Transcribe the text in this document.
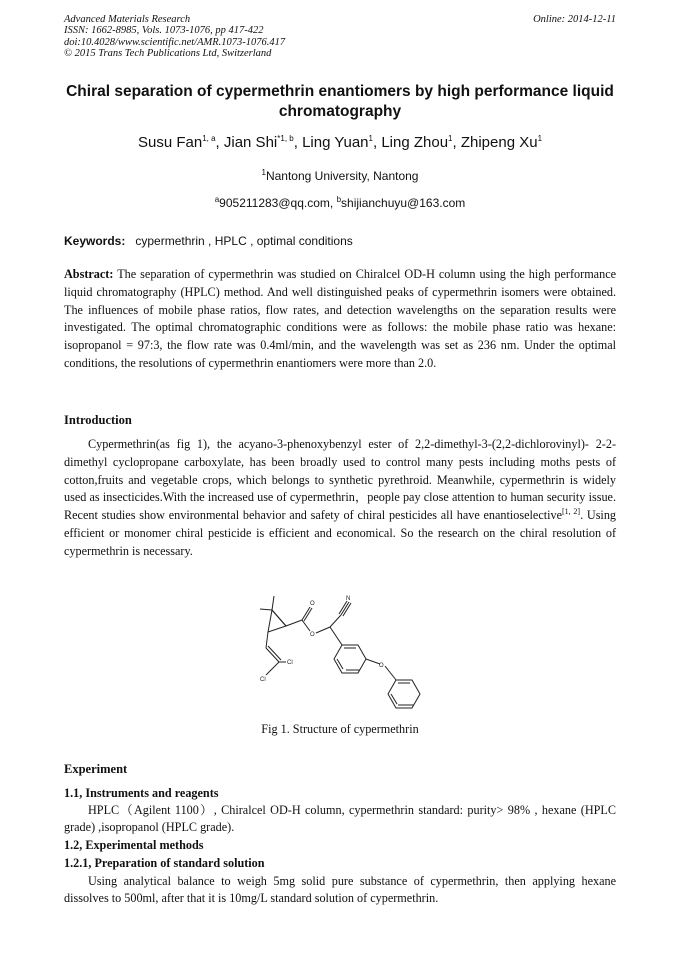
Advanced Materials Research
ISSN: 1662-8985, Vols. 1073-1076, pp 417-422
doi:10.4028/www.scientific.net/AMR.1073-1076.417
© 2015 Trans Tech Publications Ltd, Switzerland
Online: 2014-12-11
Chiral separation of cypermethrin enantiomers by high performance liquid chromatography
Susu Fan$^{1, a}$, Jian Shi$^{*1, b}$, Ling Yuan$^1$, Ling Zhou$^1$, Zhipeng Xu$^1$
$^1$Nantong University, Nantong
$^a$905211283@qq.com, $^b$shijianchuyu@163.com
Keywords: cypermethrin , HPLC , optimal conditions
Abstract: The separation of cypermethrin was studied on Chiralcel OD-H column using the high performance liquid chromatography (HPLC) method. And well distinguished peaks of cypermethrin isomers were obtained. The influences of mobile phase ratios, flow rates, and detection wavelengths on the separation results were investigated. The optimal chromatographic conditions were as follows: the mobile phase ratio was hexane: isopropanol = 97:3, the flow rate was 0.4ml/min, and the wavelength was set as 236 nm. Under the optimal conditions, the resolutions of cypermethrin enantiomers were more than 2.0.
Introduction
Cypermethrin(as fig 1), the acyano-3-phenoxybenzyl ester of 2,2-dimethyl-3-(2,2-dichlorovinyl)- 2-2-dimethyl cyclopropane carboxylate, has been broadly used to control many pests including moths pests of cotton,fruits and vegetable crops, which belongs to synthetic pyrethroid. Meanwhile, cypermethrin is widely used as insecticides.With the increased use of cypermethrin，people pay close attention to human security issue. Recent studies show environmental behavior and safety of chiral pesticides all have enantioselective[1, 2]. Using efficient or monomer chiral pesticide is efficient and economical. So the research on the chiral resolution of cypermethrin is necessary.
O
O
N
O
Cl
Cl
Fig 1. Structure of cypermethrin
Experiment
1.1, Instruments and reagents
HPLC（Agilent 1100）, Chiralcel OD-H column, cypermethrin standard: purity> 98% , hexane (HPLC grade) ,isopropanol (HPLC grade).
1.2, Experimental methods
1.2.1, Preparation of standard solution
Using analytical balance to weigh 5mg solid pure substance of cypermethrin, then applying hexane dissolves to 500ml, after that it is 10mg/L standard solution of cypermethrin.
